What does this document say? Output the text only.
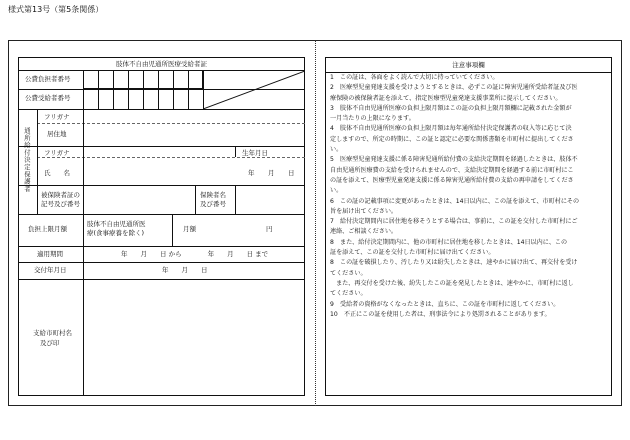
様式第13号（第5条関係）
肢体不自由児通所医療受給者証
公費負担者番号
公費受給者番号
通所給付決定保護者
フリガナ
居住地
フリガナ	生年月日
氏　　名	年 月 日
被保険者証の
記号及び番号
保険者名
及び番号
負担上限月額
肢体不自由児通所医
療(食事療養を除く)	月額	円
適用期間	年　　月　　日 から　　　　年　　月　　日 まで
交付年月日	年　　月　　日
支給市町村名
及び印
注意事項欄
1　この証は、各面をよく読んで大切に持っていてください。
2　医療型児童発達支援を受けようとするときは、必ずこの証に障害児通所受給者証及び医
療保険の被保険者証を添えて、指定医療型児童発達支援事業所に提示してください。
3　肢体不自由児通所医療の負担上限月額はこの証の負担上限月額欄に記載された金額が
一月当たりの上限になります。
4　肢体不自由児通所医療の負担上限月額は毎年通所給付決定保護者の収入等に応じて決
定しますので、所定の時期に、この証と認定に必要な関係書類を市町村に提出してくださ
い。
5　医療型児童発達支援に係る障害児通所給付費の支給決定期間を経過したときは、肢体不
自由児通所医療費の支給を受けられませんので、支給決定期間を経過する前に市町村にこ
の証を添えて、医療型児童発達支援に係る障害児通所給付費の支給の再申請をしてくださ
い。
6　この証の記載事項に変更があったときは、14日以内に、この証を添えて、市町村にその
旨を届け出てください。
7　給付決定期間内に居住地を移そうとする場合は、事前に、この証を交付した市町村にご
連絡、ご相談ください。
8　また、給付決定期間内に、他の市町村に居住地を移したときは、14日以内に、この
証を添えて、この証を交付した市町村に届け出てください。
8　この証を破損したり、汚したり又は紛失したときは、速やかに届け出て、再交付を受け
てください。
　また、再交付を受けた後、紛失したこの証を発見したときは、速やかに、市町村に返し
てください。
9　受給者の資格がなくなったときは、直ちに、この証を市町村に返してください。
10　不正にこの証を使用した者は、刑事法令により処罰されることがあります。
